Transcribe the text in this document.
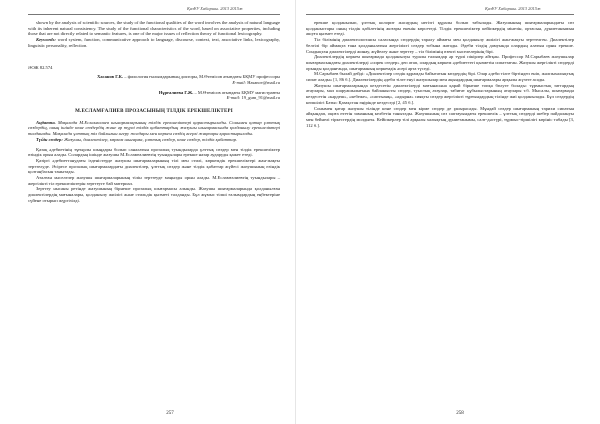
ҚазҰУ Хабаршы. 2013 2015ж

shown by the analysis of scientific sources, the study of the functional qualities of the word involves the analysis of natural language with its inherent natural consistency. The study of the functional characteristics of the word, based on associative properties, including those that are not directly related to semantic features, is one of the major issues of reflection theory of functional lexicography.

Keywords: word system, function, communicative approach to language, discourse, context, text, associative links, lexicography, linguistic personality, reflection.

ӘОЖ 82.574

Хасанов Г.К. – филология ғылымдарының докторы, М.Өтемісов атындағы БҚМУ профессоры
E-mail: Hasanov@mail.ru
Нұрғалиева Г.Ж. – М.Өтемісов атындағы БҚМУ магистранты
E-mail: 19_gum_91@mail.ru

М.ЕСЛАМҒАЛИЕВ ПРОЗАСЫНЫҢ ТІЛДІК ЕРЕКШЕЛІКТЕРІ

Аңдатпа. Мақалада М.Есламғалиев шығармаларының тілдік ерекшеліктері қарастырылады. Сонымен қатар ұлттық сөздердің, оның ішінде көне сөздердің және әр түрлі тілдік қабаттардың жазушы шығармасында қолданылу ерекшеліктері талданады. Мақалада ұлттық тіл байлығын игеру жолдары мен көркем сөздің әсерлі жақтары қарастырылады.

Түйін сөздер: Жазушы, диалектілер, көркем шығарма, ұлттық сөздер, көне сөздер, тілдік қабаттар.

Қазақ әдебиетінің тұғырлы шыңдары болып саналатын прозалық туындыларда ұлттық сөздер мен тілдік ерекшеліктер өзіндік орын алады. Солардың ішінде жазушы М.Есламғалиевтің туындылары ерекше назар аударуды қажет етеді.

Қазіргі әдебиеттанудағы ізденістерде жазушы шығармаларының тілі мен стилі, көркемдік ерекшеліктері жан-жақты зерттелуде. Әсіресе прозалық шығармалардағы диалектілер, ұлттық сөздер және тілдік қабаттар жүйесі жазушының өзіндік қолтаңбасын танытады.

Аталған мәселелер жазушы шығармаларының тілін зерттеуде маңызды орын алады. М.Есламғалиевтің туындылары – жергілікті тіл ерекшеліктерін зерттеуге бай материал.

Зерттеу нысаны ретінде жазушының бірнеше прозалық шығармасы алынды. Жазушы шығармаларында қолданылған диалектілердің мағыналары, қолданылу жиілігі және стильдік қызметі талданды. Бұл жұмыс тілші ғалымдардың еңбектеріне сүйене отырып жүргізілді.

257
ҚазҰУ Хабаршы. 2013 2015ж

ерекше қолданылып, ұлттық колорит жасаудың негізгі құралы болып табылады. Жазушының шығармаларындағы сөз қолданыстары оның тілдік қабілетінің жоғары екенін көрсетеді. Тілдік ерекшеліктер кейіпкердің мінезін, ортасын, дүниетанымын ашуға қызмет етеді.

Тіл білімінің диалектологиясы саласында сөздердің таралу аймағы мен қолданылу жиілігі жан-жақты зерттелген. Диалектілер белгілі бір аймақта ғана қолданылатын жергілікті сөздер тобына жатады. Әдеби тілдің дамуында олардың алатын орны ерекше. Сондықтан диалектілерді жинау, жүйелеу және зерттеу – тіл білімінің өзекті мәселелерінің бірі.

Диалектілердің көркем шығармада қолданылуы туралы ғалымдар әр түрлі пікірлер айтқан. Профессор М.Сарыбаев жазушылар шығармасындағы диалектілерді «сирек сөздер» деп атап, олардың көркем әдебиеттегі қызметін сипаттаған. Жазушы жергілікті сөздерді орынды қолданғанда, шығарманың көркемдік әсері арта түседі.

М.Сарыбаев былай дейді: «Диалектілер сөздік құрамды байытатын көздердің бірі. Олар әдеби тілге біртіндеп еніп, жалпыхалықтық сипат алады» [1, 86 б.]. Диалектілердің әдеби тілге енуі жазушылар мен ақындардың шығармалары арқылы жүзеге асады.

Жазушы шығармаларында кездесетін диалектілерді мағынасына қарай бірнеше топқа бөлуге болады: тұрмыстық заттардың атаулары, мал шаруашылығына байланысты сөздер, туыстық атаулар, табиғат құбылыстарының атаулары т.б. Мысалы, шығармада кездесетін «кәрдеш», «кебеже», «саптыаяқ», «адырна» сияқты сөздер жергілікті тұрғындардың тілінде жиі қолданылады. Бұл сөздердің көпшілігі Батыс Қазақстан өңірінде кездеседі [2, 45 б.].

Сонымен қатар жазушы тілінде көне сөздер мен кірме сөздер де ұшырасады. Мұндай сөздер шығарманың тарихи сипатын айқындап, оқиға өтетін заманның келбетін танытады. Жазушының сөз саптауындағы ерекшелік – ұлттық сөздерді шебер пайдалануы мен бейнелі тіркестердің молдығы. Кейіпкерлер тілі арқылы халықтың дүниетанымы, салт-дәстүрі, тұрмыс-тіршілігі көрініс табады [3, 112 б.].

258
